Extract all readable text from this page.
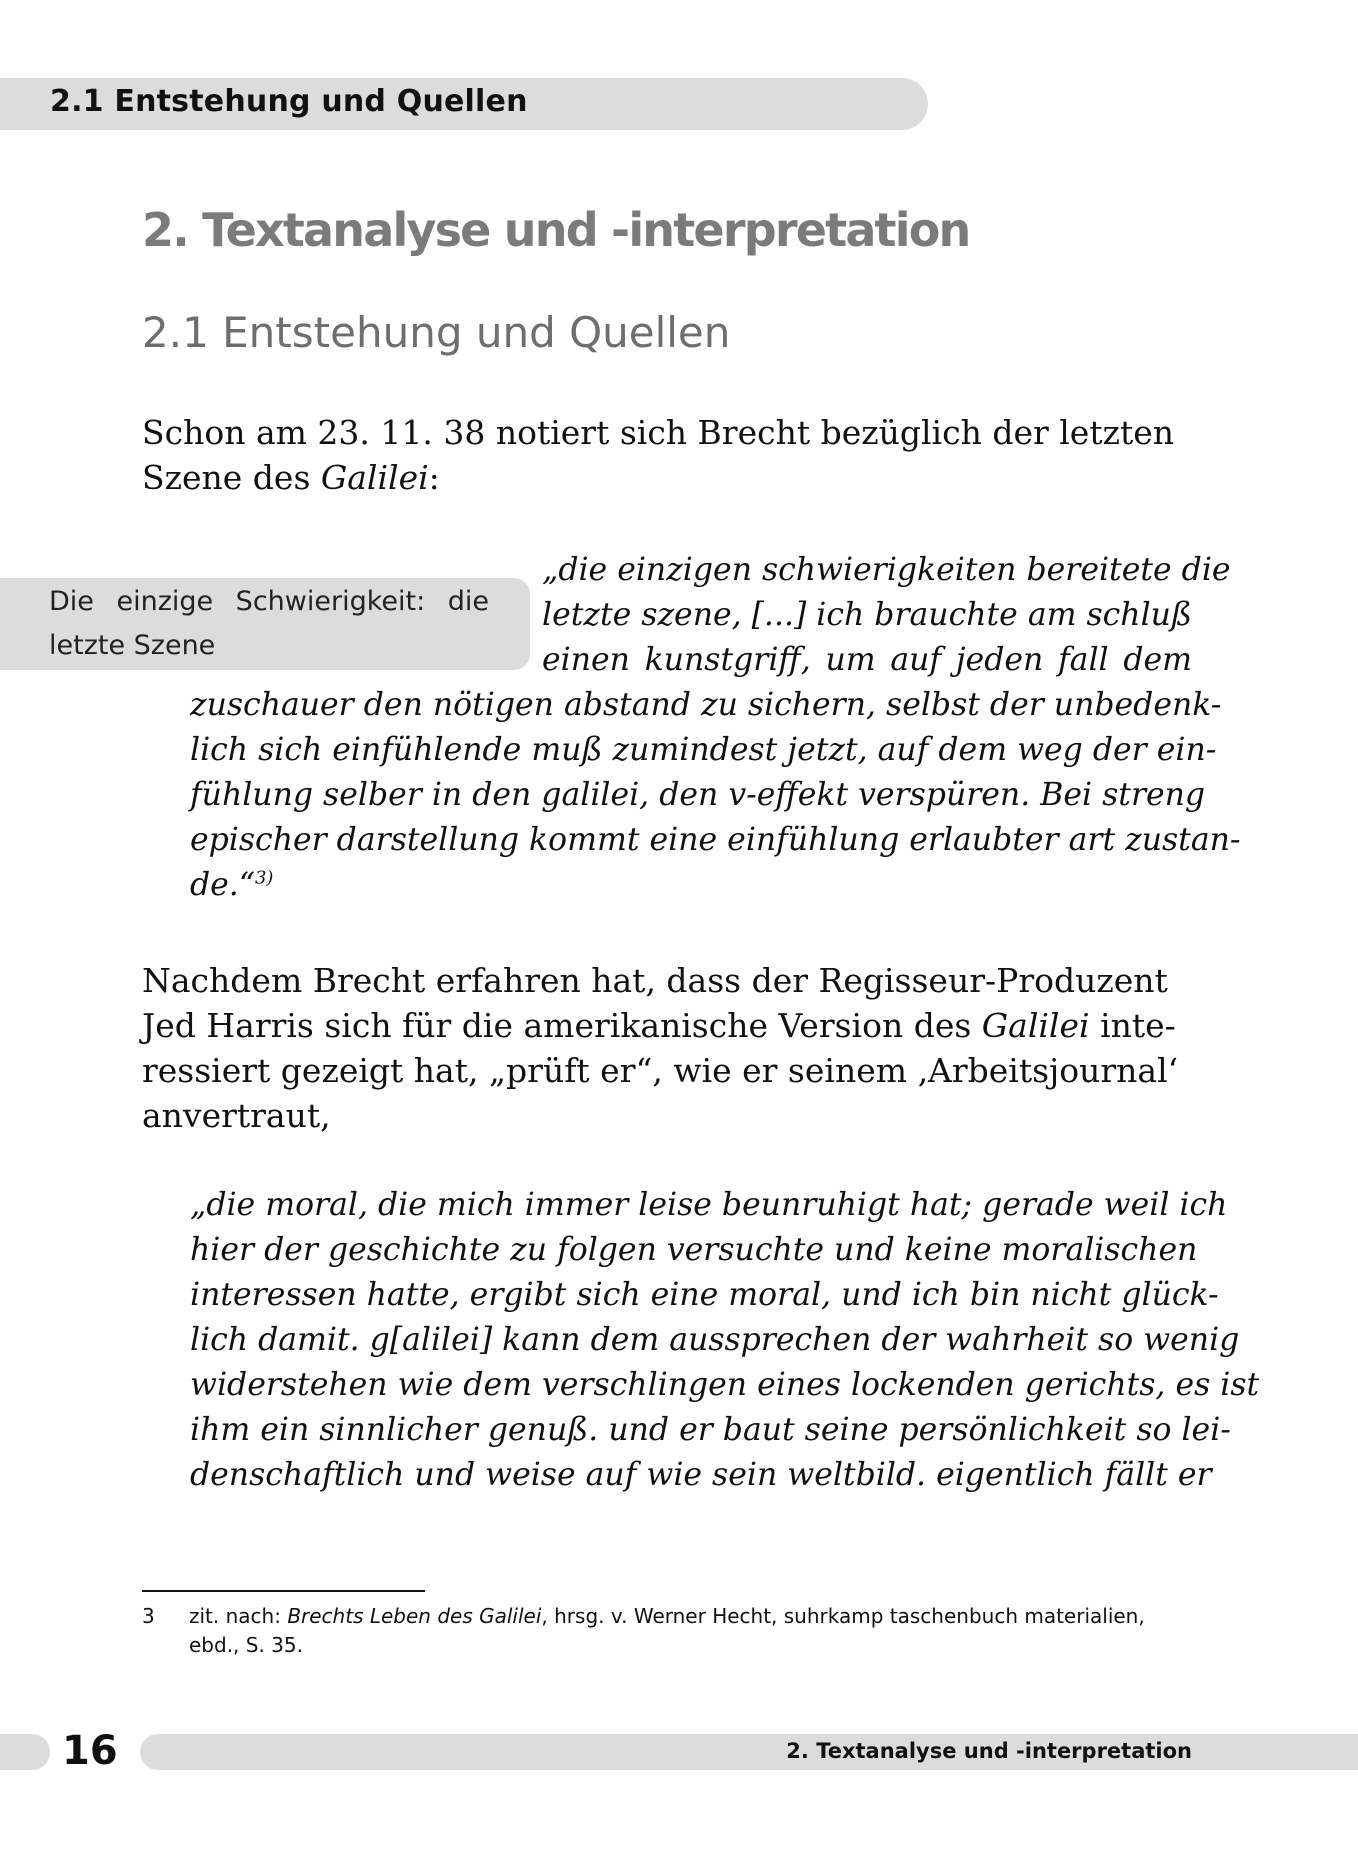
2.1 Entstehung und Quellen
2. Textanalyse und -interpretation
2.1 Entstehung und Quellen

Schon am 23. 11. 38 notiert sich Brecht bezüglich der letzten
Szene des Galilei:

Die einzige Schwierigkeit: die
letzte Szene
„die einzigen schwierigkeiten bereitete die
letzte szene, [...] ich brauchte am schluß
einen kunstgriff, um auf jeden fall dem
zuschauer den nötigen abstand zu sichern, selbst der unbedenk-
lich sich einfühlende muß zumindest jetzt, auf dem weg der ein-
fühlung selber in den galilei, den v-effekt verspüren. Bei streng
epischer darstellung kommt eine einfühlung erlaubter art zustan-
de.“$^{3)}$

Nachdem Brecht erfahren hat, dass der Regisseur-Produzent
Jed Harris sich für die amerikanische Version des Galilei inte-
ressiert gezeigt hat, „prüft er“, wie er seinem ‚Arbeitsjournal‘
anvertraut,

„die moral, die mich immer leise beunruhigt hat; gerade weil ich
hier der geschichte zu folgen versuchte und keine moralischen
interessen hatte, ergibt sich eine moral, und ich bin nicht glück-
lich damit. g[alilei] kann dem aussprechen der wahrheit so wenig
widerstehen wie dem verschlingen eines lockenden gerichts, es ist
ihm ein sinnlicher genuß. und er baut seine persönlichkeit so lei-
denschaftlich und weise auf wie sein weltbild. eigentlich fällt er
3 zit. nach: Brechts Leben des Galilei, hrsg. v. Werner Hecht, suhrkamp taschenbuch materialien,
ebd., S. 35.
16	2. Textanalyse und -interpretation
